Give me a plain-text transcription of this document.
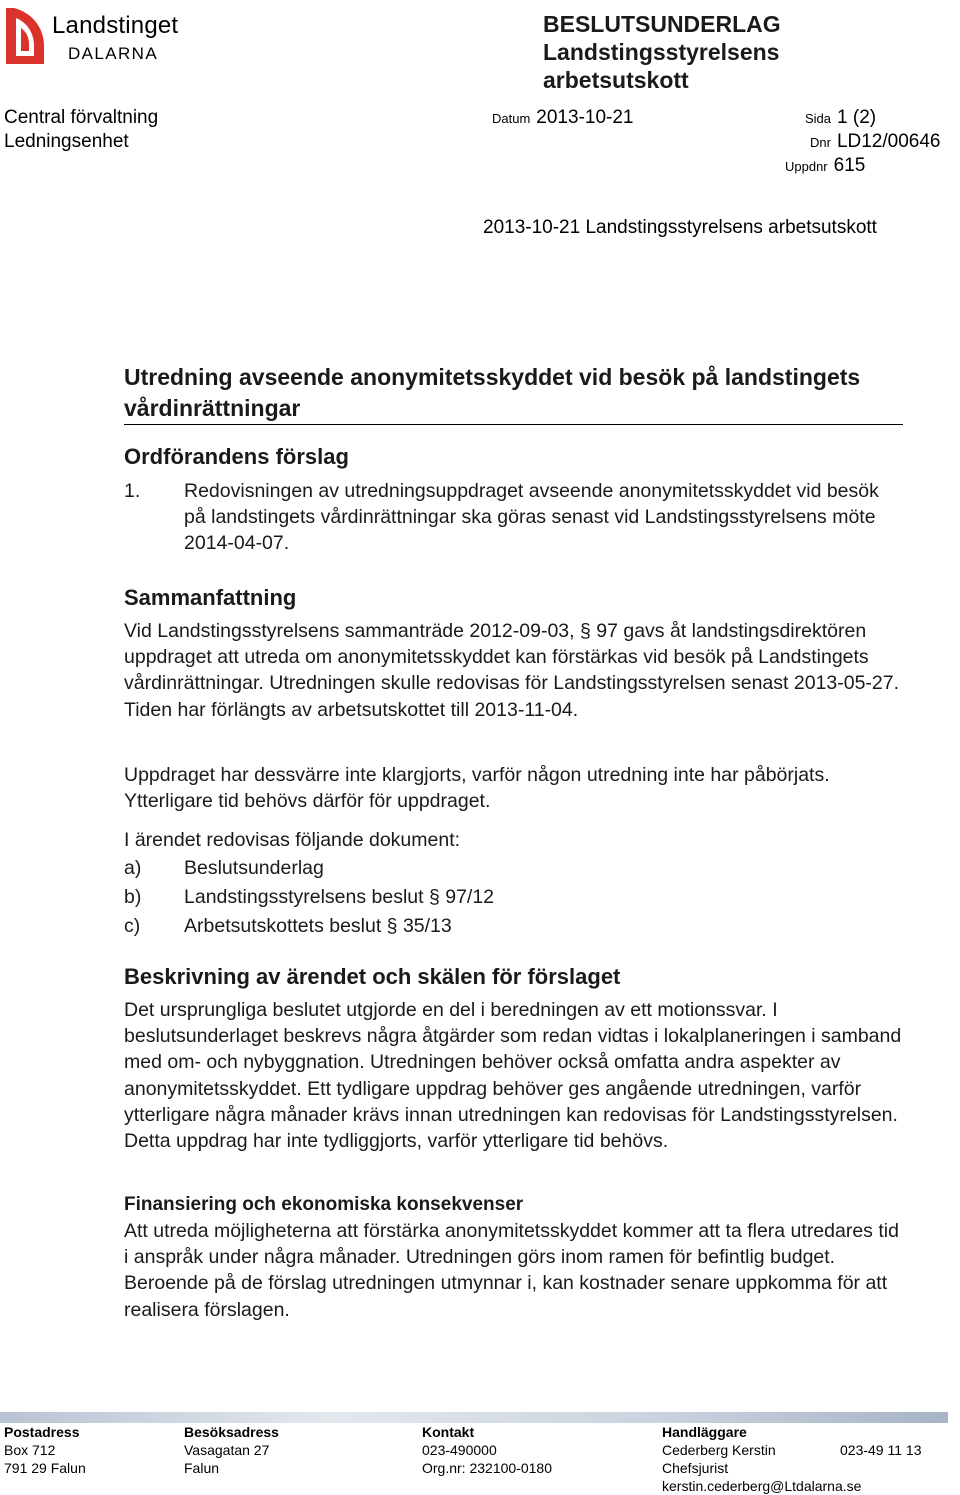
Landstinget
DALARNA
BESLUTSUNDERLAG
Landstingsstyrelsens
arbetsutskott
Central förvaltning
Ledningsenhet
Datum 2013-10-21	Sida 1 (2)
Dnr LD12/00646
Uppdnr 615
2013-10-21 Landstingsstyrelsens arbetsutskott
Utredning avseende anonymitetsskyddet vid besök på landstingets vårdinrättningar
Ordförandens förslag
1. Redovisningen av utredningsuppdraget avseende anonymitetsskyddet vid besök på landstingets vårdinrättningar ska göras senast vid Landstingsstyrelsens möte 2014-04-07.
Sammanfattning
Vid Landstingsstyrelsens sammanträde 2012-09-03, § 97 gavs åt landstingsdirektören uppdraget att utreda om anonymitetsskyddet kan förstärkas vid besök på Landstingets vårdinrättningar. Utredningen skulle redovisas för Landstingsstyrelsen senast 2013-05-27. Tiden har förlängts av arbetsutskottet till 2013-11-04.
Uppdraget har dessvärre inte klargjorts, varför någon utredning inte har påbörjats. Ytterligare tid behövs därför för uppdraget.
I ärendet redovisas följande dokument:
a) Beslutsunderlag
b) Landstingsstyrelsens beslut § 97/12
c) Arbetsutskottets beslut § 35/13
Beskrivning av ärendet och skälen för förslaget
Det ursprungliga beslutet utgjorde en del i beredningen av ett motionssvar. I beslutsunderlaget beskrevs några åtgärder som redan vidtas i lokalplaneringen i samband med om- och nybyggnation. Utredningen behöver också omfatta andra aspekter av anonymitetsskyddet. Ett tydligare uppdrag behöver ges angående utredningen, varför ytterligare några månader krävs innan utredningen kan redovisas för Landstingsstyrelsen. Detta uppdrag har inte tydliggjorts, varför ytterligare tid behövs.
Finansiering och ekonomiska konsekvenser
Att utreda möjligheterna att förstärka anonymitetsskyddet kommer att ta flera utredares tid i anspråk under några månader. Utredningen görs inom ramen för befintlig budget. Beroende på de förslag utredningen utmynnar i, kan kostnader senare uppkomma för att realisera förslagen.
Postadress
Box 712
791 29 Falun
Besöksadress
Vasagatan 27
Falun
Kontakt
023-490000
Org.nr: 232100-0180
Handläggare
Cederberg Kerstin
Chefsjurist
kerstin.cederberg@Ltdalarna.se
023-49 11 13
